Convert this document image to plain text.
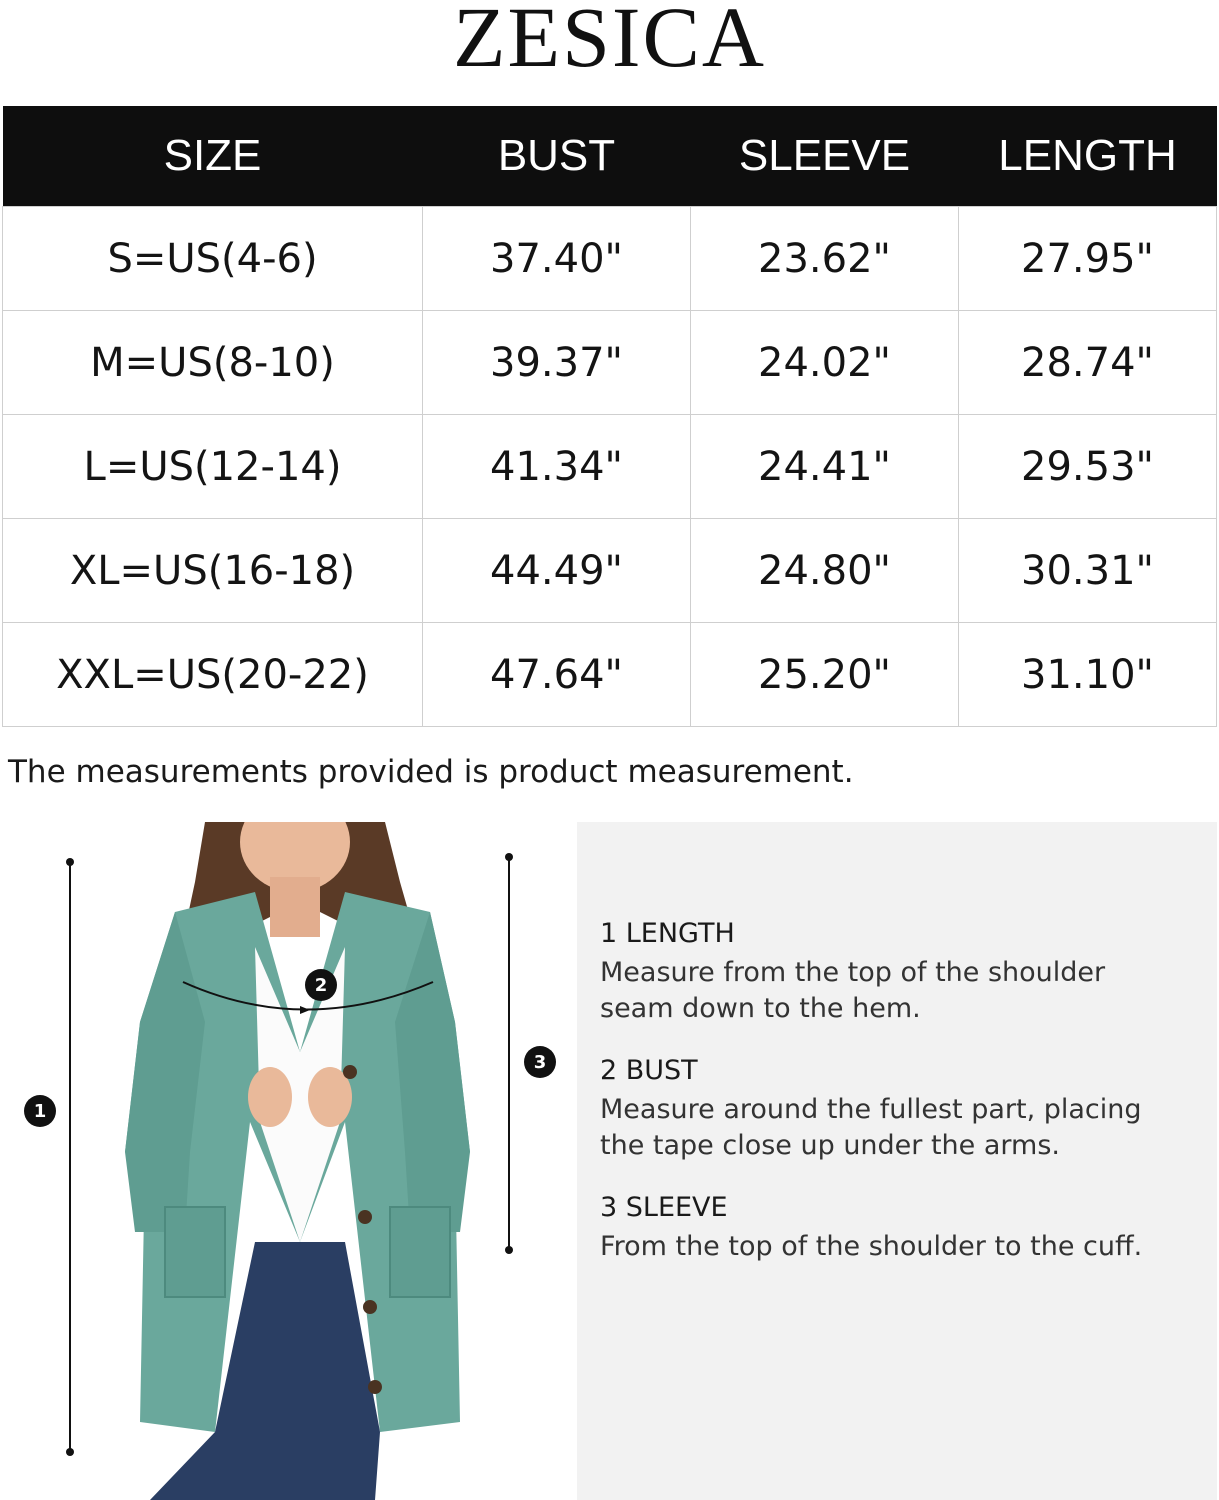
ZESICA
SIZE	BUST	SLEEVE	LENGTH
S=US(4-6)	37.40"	23.62"	27.95"
M=US(8-10)	39.37"	24.02"	28.74"
L=US(12-14)	41.34"	24.41"	29.53"
XL=US(16-18)	44.49"	24.80"	30.31"
XXL=US(20-22)	47.64"	25.20"	31.10"
The measurements provided is product measurement.
1
2
3

1 LENGTH

Measure from the top of the shoulder

seam down to the hem.

2 BUST

Measure around the fullest part, placing

the tape close up under the arms.

3 SLEEVE

From the top of the shoulder to the cuff.
